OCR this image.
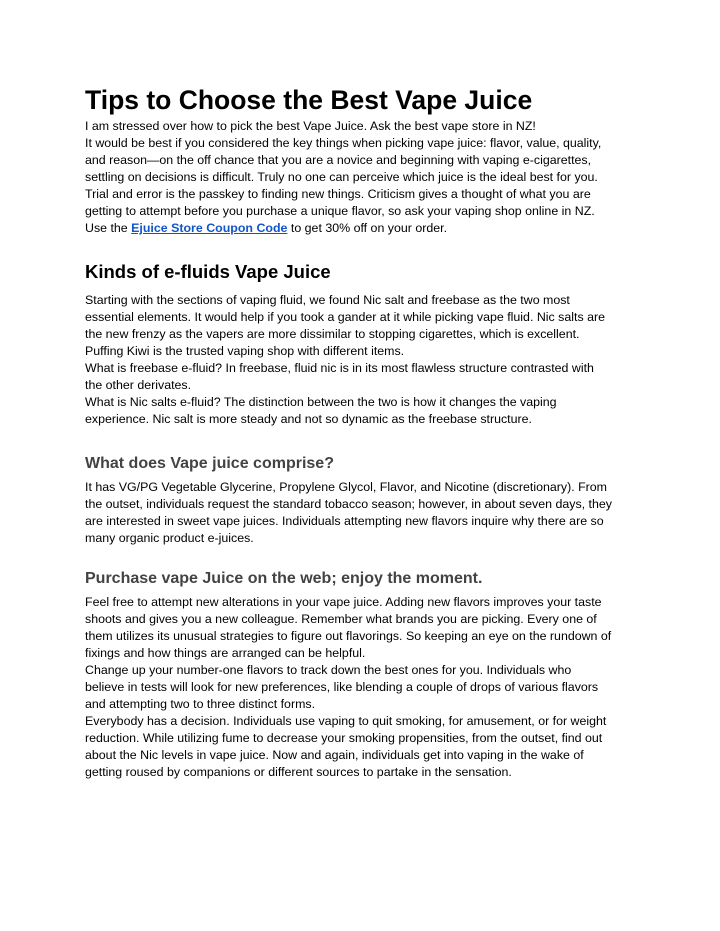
Tips to Choose the Best Vape Juice

I am stressed over how to pick the best Vape Juice. Ask the best vape store in NZ!
It would be best if you considered the key things when picking vape juice: flavor, value, quality,
and reason—on the off chance that you are a novice and beginning with vaping e-cigarettes,
settling on decisions is difficult. Truly no one can perceive which juice is the ideal best for you.
Trial and error is the passkey to finding new things. Criticism gives a thought of what you are
getting to attempt before you purchase a unique flavor, so ask your vaping shop online in NZ.
Use the Ejuice Store Coupon Code to get 30% off on your order.

Kinds of e-fluids Vape Juice

Starting with the sections of vaping fluid, we found Nic salt and freebase as the two most
essential elements. It would help if you took a gander at it while picking vape fluid. Nic salts are
the new frenzy as the vapers are more dissimilar to stopping cigarettes, which is excellent.
Puffing Kiwi is the trusted vaping shop with different items.
What is freebase e-fluid? In freebase, fluid nic is in its most flawless structure contrasted with
the other derivates.
What is Nic salts e-fluid? The distinction between the two is how it changes the vaping
experience. Nic salt is more steady and not so dynamic as the freebase structure.

What does Vape juice comprise?

It has VG/PG Vegetable Glycerine, Propylene Glycol, Flavor, and Nicotine (discretionary). From
the outset, individuals request the standard tobacco season; however, in about seven days, they
are interested in sweet vape juices. Individuals attempting new flavors inquire why there are so
many organic product e-juices.

Purchase vape Juice on the web; enjoy the moment.

Feel free to attempt new alterations in your vape juice. Adding new flavors improves your taste
shoots and gives you a new colleague. Remember what brands you are picking. Every one of
them utilizes its unusual strategies to figure out flavorings. So keeping an eye on the rundown of
fixings and how things are arranged can be helpful.
Change up your number-one flavors to track down the best ones for you. Individuals who
believe in tests will look for new preferences, like blending a couple of drops of various flavors
and attempting two to three distinct forms.
Everybody has a decision. Individuals use vaping to quit smoking, for amusement, or for weight
reduction. While utilizing fume to decrease your smoking propensities, from the outset, find out
about the Nic levels in vape juice. Now and again, individuals get into vaping in the wake of
getting roused by companions or different sources to partake in the sensation.
